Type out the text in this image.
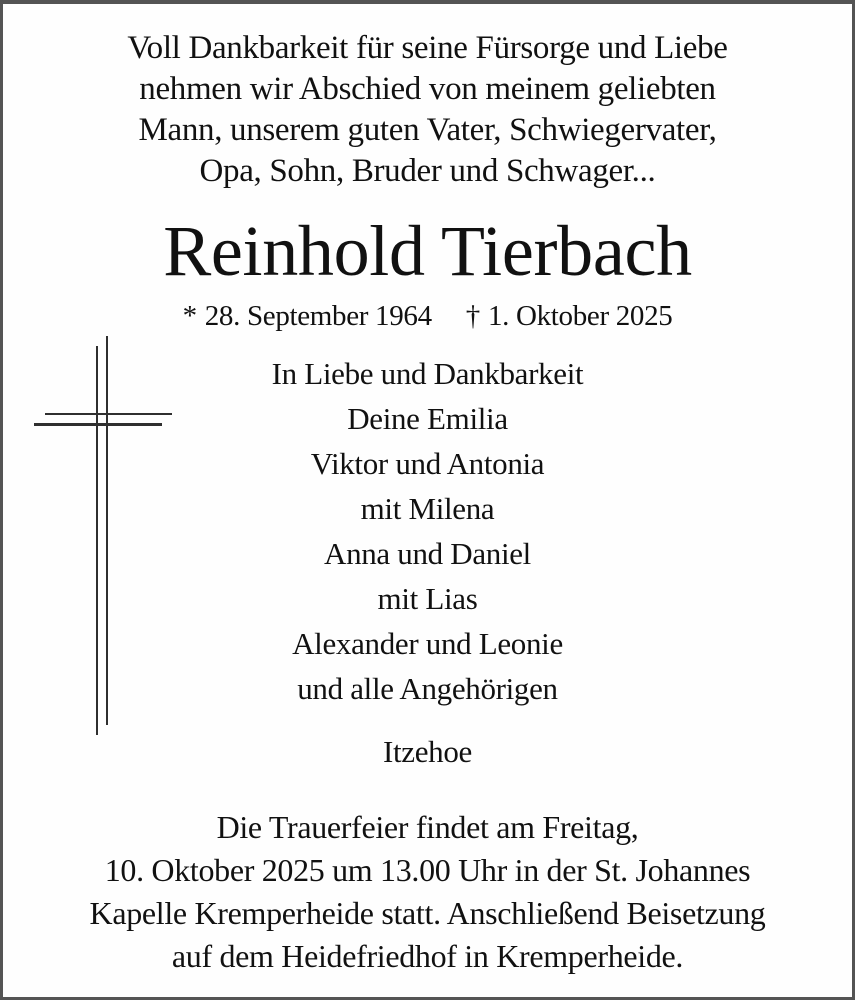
Voll Dankbarkeit für seine Fürsorge und Liebe

nehmen wir Abschied von meinem geliebten

Mann, unserem guten Vater, Schwiegervater,

Opa, Sohn, Bruder und Schwager...

Reinhold Tierbach
* 28. September 1964 † 1. Oktober 2025
In Liebe und Dankbarkeit

Deine Emilia

Viktor und Antonia

mit Milena

Anna und Daniel

mit Lias

Alexander und Leonie

und alle Angehörigen

Itzehoe

Die Trauerfeier findet am Freitag,

10. Oktober 2025 um 13.00 Uhr in der St. Johannes

Kapelle Kremperheide statt. Anschließend Beisetzung

auf dem Heidefriedhof in Kremperheide.
